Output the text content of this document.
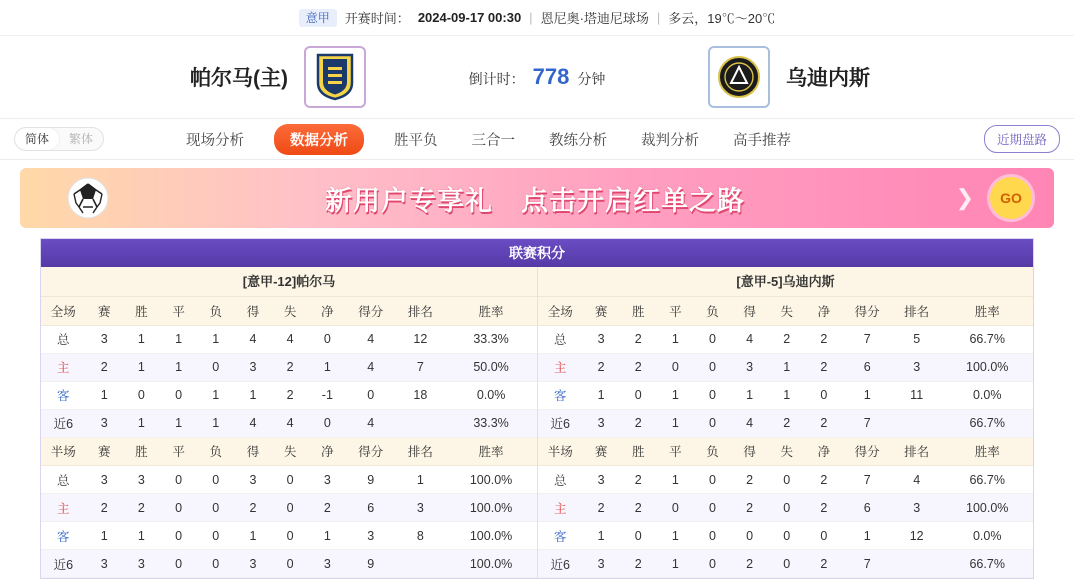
意甲	开赛时间： 2024-09-17 00:30 | 恩尼奥·塔迪尼球场 | 多云，19℃～20℃
帕尔马(主)	倒计时： 778 分钟	乌迪内斯
简体	繁体	现场分析	数据分析	胜平负 三合一 教练分析 裁判分析 高手推荐	近期盘路
新用户专享礼　点击开启红单之路	❯	GO
联赛积分
[意甲-12]帕尔马
全场	赛	胜	平	负	得	失	净	得分	排名	胜率
总	3	1	1	1	4	4	0	4	12	33.3%
主	2	1	1	0	3	2	1	4	7	50.0%
客	1	0	0	1	1	2	-1	0	18	0.0%
近6	3	1	1	1	4	4	0	4		33.3%
半场	赛	胜	平	负	得	失	净	得分	排名	胜率
总	3	3	0	0	3	0	3	9	1	100.0%
主	2	2	0	0	2	0	2	6	3	100.0%
客	1	1	0	0	1	0	1	3	8	100.0%
近6	3	3	0	0	3	0	3	9		100.0%
[意甲-5]乌迪内斯
全场	赛	胜	平	负	得	失	净	得分	排名	胜率
总	3	2	1	0	4	2	2	7	5	66.7%
主	2	2	0	0	3	1	2	6	3	100.0%
客	1	0	1	0	1	1	0	1	11	0.0%
近6	3	2	1	0	4	2	2	7		66.7%
半场	赛	胜	平	负	得	失	净	得分	排名	胜率
总	3	2	1	0	2	0	2	7	4	66.7%
主	2	2	0	0	2	0	2	6	3	100.0%
客	1	0	1	0	0	0	0	1	12	0.0%
近6	3	2	1	0	2	0	2	7		66.7%
